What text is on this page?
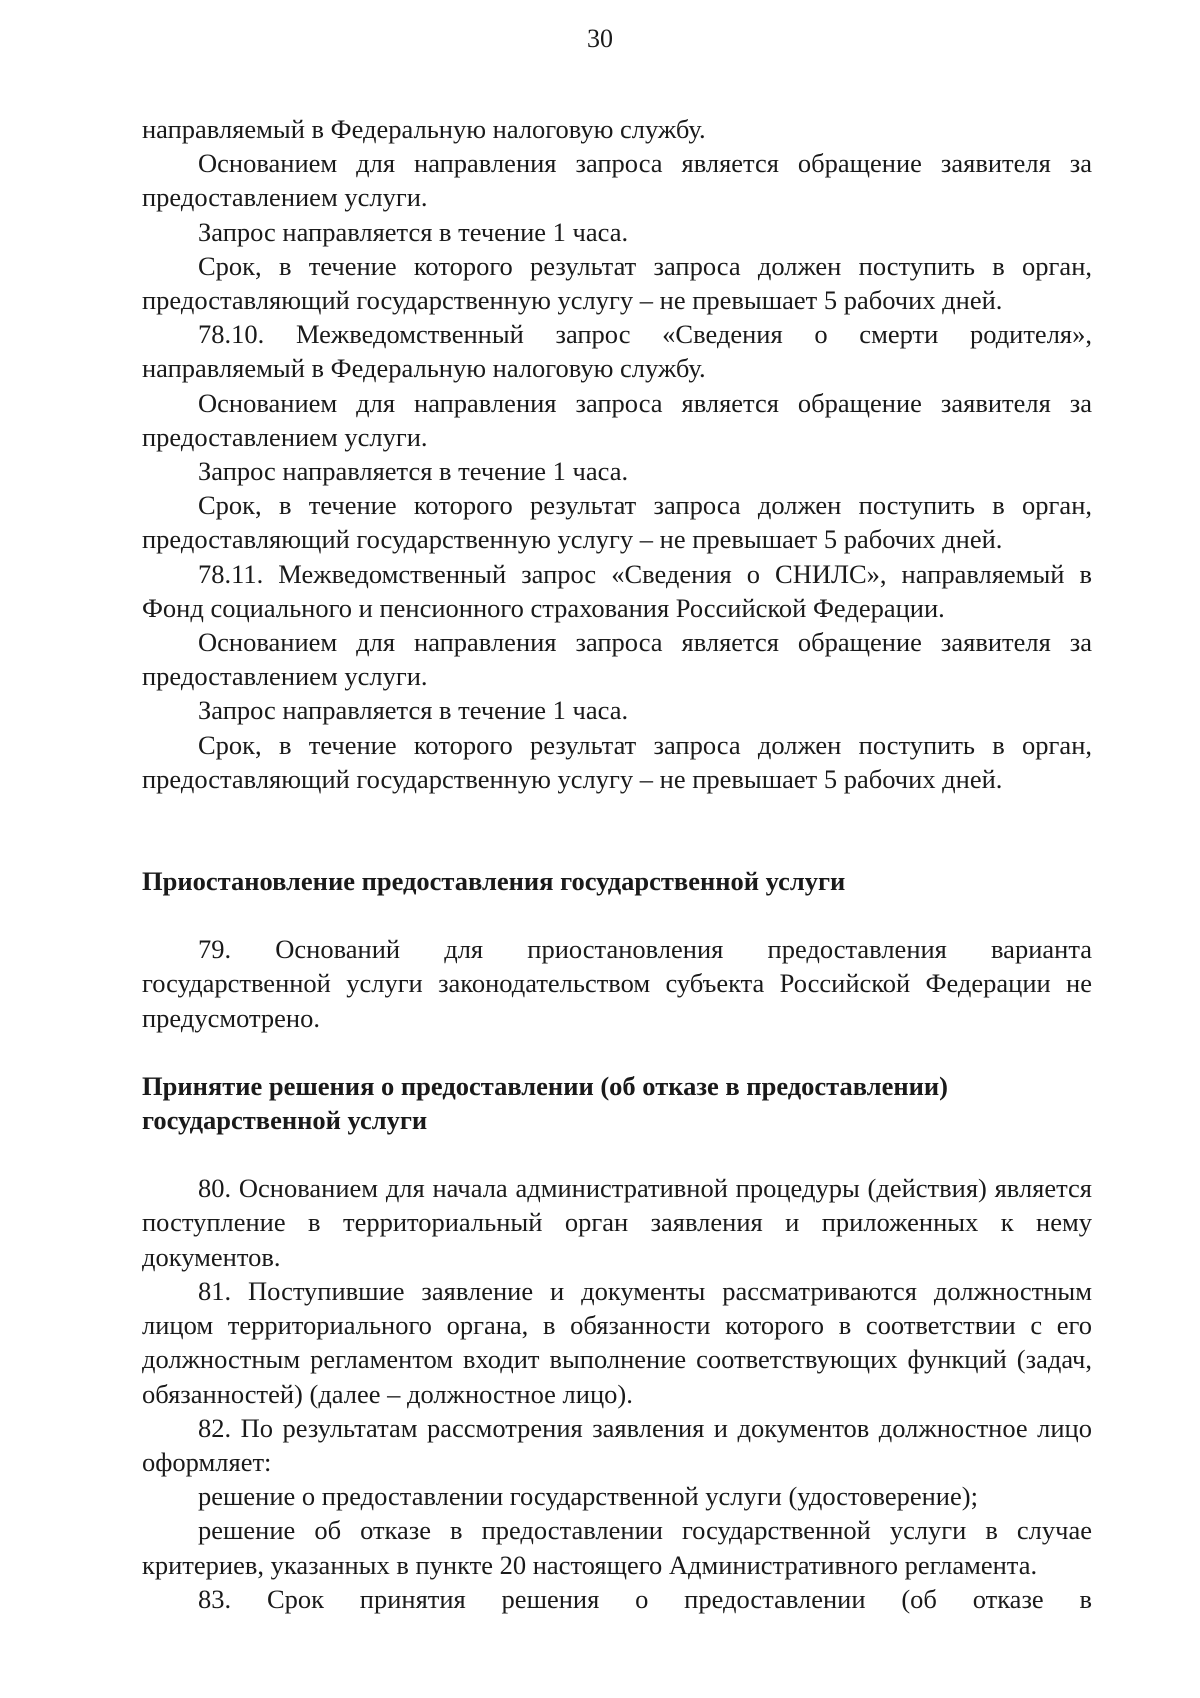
30

направляемый в Федеральную налоговую службу.

Основанием для направления запроса является обращение заявителя за предоставлением услуги.

Запрос направляется в течение 1 часа.

Срок, в течение которого результат запроса должен поступить в орган, предоставляющий государственную услугу – не превышает 5 рабочих дней.

78.10. Межведомственный запрос «Сведения о смерти родителя», направляемый в Федеральную налоговую службу.

Основанием для направления запроса является обращение заявителя за предоставлением услуги.

Запрос направляется в течение 1 часа.

Срок, в течение которого результат запроса должен поступить в орган, предоставляющий государственную услугу – не превышает 5 рабочих дней.

78.11. Межведомственный запрос «Сведения о СНИЛС», направляемый в Фонд социального и пенсионного страхования Российской Федерации.

Основанием для направления запроса является обращение заявителя за предоставлением услуги.

Запрос направляется в течение 1 часа.

Срок, в течение которого результат запроса должен поступить в орган, предоставляющий государственную услугу – не превышает 5 рабочих дней.

Приостановление предоставления государственной услуги

79. Оснований для приостановления предоставления варианта государственной услуги законодательством субъекта Российской Федерации не предусмотрено.

Принятие решения о предоставлении (об отказе в предоставлении)

государственной услуги

80. Основанием для начала административной процедуры (действия) является поступление в территориальный орган заявления и приложенных к нему документов.

81. Поступившие заявление и документы рассматриваются должностным лицом территориального органа, в обязанности которого в соответствии с его должностным регламентом входит выполнение соответствующих функций (задач, обязанностей) (далее – должностное лицо).

82. По результатам рассмотрения заявления и документов должностное лицо оформляет:

решение о предоставлении государственной услуги (удостоверение);

решение об отказе в предоставлении государственной услуги в случае критериев, указанных в пункте 20 настоящего Административного регламента.

83. Срок принятия решения о предоставлении (об отказе в
